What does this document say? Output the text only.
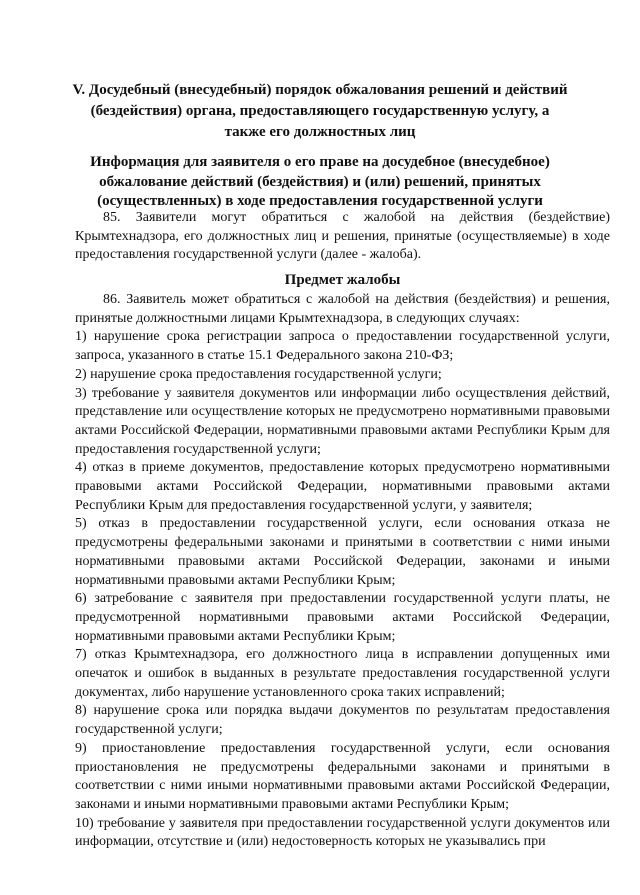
V. Досудебный (внесудебный) порядок обжалования решений и действий (бездействия) органа, предоставляющего государственную услугу, а также его должностных лиц
Информация для заявителя о его праве на досудебное (внесудебное) обжалование действий (бездействия) и (или) решений, принятых (осуществленных) в ходе предоставления государственной услуги

85. Заявители могут обратиться с жалобой на действия (бездействие) Крымтехнадзора, его должностных лиц и решения, принятые (осуществляемые) в ходе предоставления государственной услуги (далее - жалоба).

Предмет жалобы

86. Заявитель может обратиться с жалобой на действия (бездействия) и решения, принятые должностными лицами Крымтехнадзора, в следующих случаях:

1) нарушение срока регистрации запроса о предоставлении государственной услуги, запроса, указанного в статье 15.1 Федерального закона 210-ФЗ;

2) нарушение срока предоставления государственной услуги;

3) требование у заявителя документов или информации либо осуществления действий, представление или осуществление которых не предусмотрено нормативными правовыми актами Российской Федерации, нормативными правовыми актами Республики Крым для предоставления государственной услуги;

4) отказ в приеме документов, предоставление которых предусмотрено нормативными правовыми актами Российской Федерации, нормативными правовыми актами Республики Крым для предоставления государственной услуги, у заявителя;

5) отказ в предоставлении государственной услуги, если основания отказа не предусмотрены федеральными законами и принятыми в соответствии с ними иными нормативными правовыми актами Российской Федерации, законами и иными нормативными правовыми актами Республики Крым;

6) затребование с заявителя при предоставлении государственной услуги платы, не предусмотренной нормативными правовыми актами Российской Федерации, нормативными правовыми актами Республики Крым;

7) отказ Крымтехнадзора, его должностного лица в исправлении допущенных ими опечаток и ошибок в выданных в результате предоставления государственной услуги документах, либо нарушение установленного срока таких исправлений;

8) нарушение срока или порядка выдачи документов по результатам предоставления государственной услуги;

9) приостановление предоставления государственной услуги, если основания приостановления не предусмотрены федеральными законами и принятыми в соответствии с ними иными нормативными правовыми актами Российской Федерации, законами и иными нормативными правовыми актами Республики Крым;

10) требование у заявителя при предоставлении государственной услуги документов или информации, отсутствие и (или) недостоверность которых не указывались при
